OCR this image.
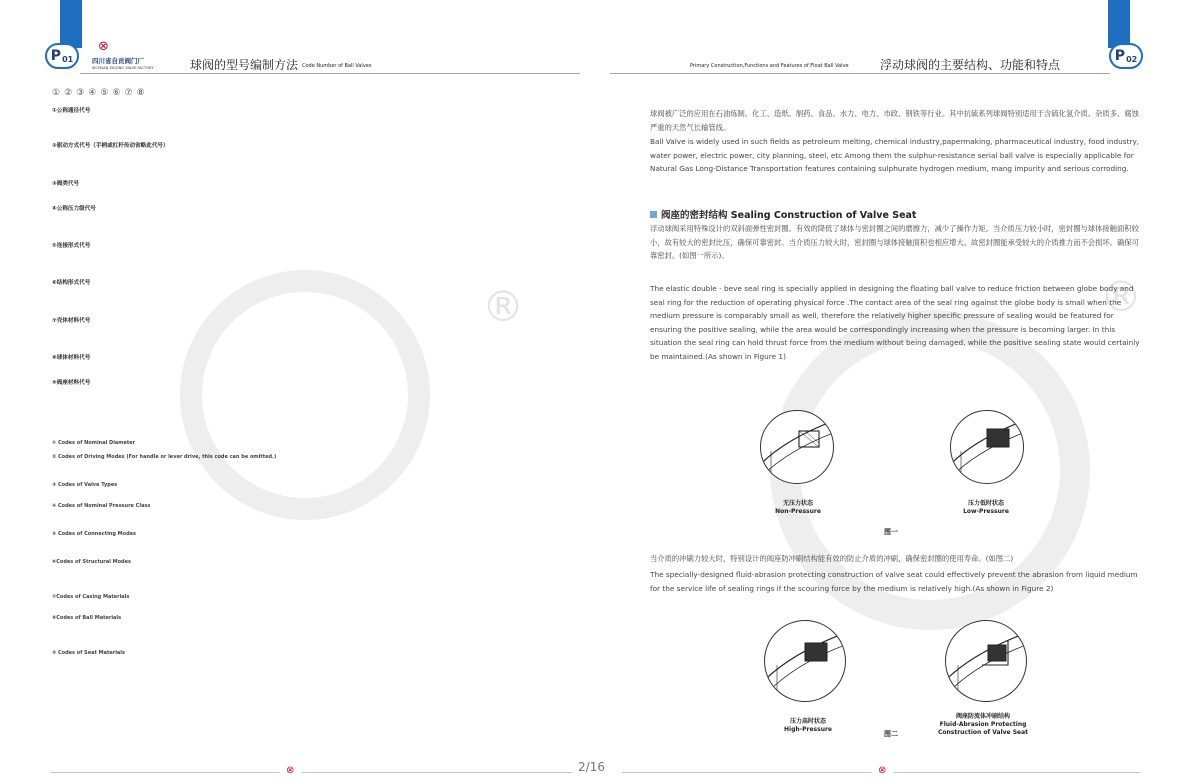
P 01	P 02
⊗
四川省自贡阀门厂
SICHUAN ZIGONG VALVE FACTORY	球阀的型号编制方法 Code Number of Ball Valves	Primary Construction,Functions and Features of Float Ball Valve	浮动球阀的主要结构、功能和特点
®	®
① ② ③ ④ ⑤ ⑥ ⑦ ⑧
①公称通径代号
②驱动方式代号（手柄或杠杆传动省略此代号）
③阀类代号
④公称压力级代号
⑤连接形式代号
⑥结构形式代号
⑦壳体材料代号
⑧球体材料代号
⑨阀座材料代号
① Codes of Nominal Diameter
② Codes of Driving Modes (For handle or lever drive, this code can be omitted.)
③ Codes of Valve Types
④ Codes of Nominal Pressure Class
⑤ Codes of Connecting Modes
⑥Codes of Structural Modes
⑦Codes of Casing Materials
⑧Codes of Ball Materials
⑨ Codes of Seat Materials
球阀被广泛的应用在石油炼制、化工、造纸、制药、食品、水力、电力、市政、钢铁等行业。其中抗硫系列球阀特别适用于含硫化氢介质、杂质多、腐蚀严重的天然气长输管线。
Ball Valve is widely used in such fields as petroleum melting, chemical industry,papermaking, pharmaceutical industry, food industry, water power, electric power, city planning, steel, etc Among them the sulphur-resistance serial ball valve is especially applicable for Natural Gas Long-Distance Transportation features containing sulphurate hydrogen medium, mang impurity and serious corroding.
阀座的密封结构 Sealing Construction of Valve Seat
浮动球阀采用特殊设计的双斜面弹性密封圈。有效的降低了球体与密封圈之间的磨擦力，减少了操作力矩。当介质压力较小时，密封圈与球体接触面积较小，故有较大的密封比压，确保可靠密封。当介质压力较大时，密封圈与球体接触面积也相应增大。故密封圈能承受较大的介质推力而不会损坏。确保可靠密封。(如图一所示)。
The elastic double - beve seal ring is specially applied in designing the floating ball valve to reduce friction between globe body and seal ring for the reduction of operating physical force .The contact area of the seal ring against the globe body is small when the medium pressure is comparably small as well, therefore the relatively higher specific pressure of sealing would be featured for ensuring the positive sealing, while the area would be correspondingly increasing when the pressure is becoming larger. In this situation the seal ring can hold thrust force from the medium without being damaged, while the positive sealing state would certainly be maintained.(As shown in Figure 1)
无压力状态
Non-Pressure
压力低时状态
Low-Pressure
图一
当介质的冲刷力较大时，特别设计的阀座防冲刷结构能有效的防止介质的冲刷，确保密封圈的使用寿命。(如图二)
The specially-designed fluid-abrasion protecting construction of valve seat could effectively prevent the abrasion from liquid medium for the service life of sealing rings if the scouring force by the medium is relatively high.(As shown in Figure 2)
压力高时状态
High-Pressure
图二
阀座防流体冲刷结构
Fluid-Abrasion Protecting
Construction of Valve Seat
⊗	2/16	⊗
